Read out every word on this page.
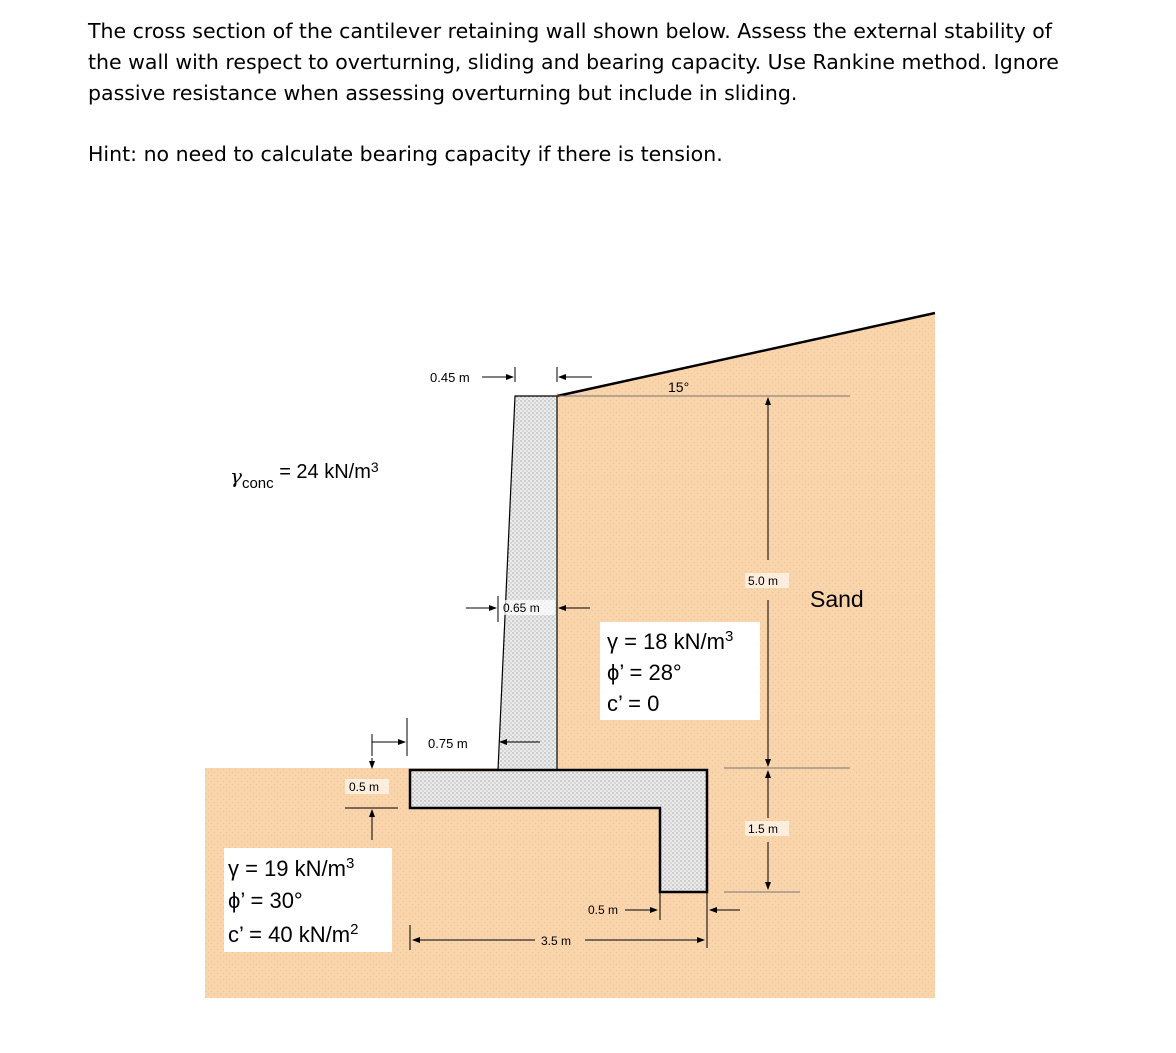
The cross section of the cantilever retaining wall shown below. Assess the external stability of

the wall with respect to overturning, sliding and bearing capacity. Use Rankine method. Ignore

passive resistance when assessing overturning but include in sliding.

Hint: no need to calculate bearing capacity if there is tension.

0.45 m
15°
$\gamma_{conc} = 24$ $kN/m^3$
0.65 m
0.75 m
0.5 m
5.0 m
1.5 m
0.5 m
3.5 m
Sand
γ = 18 $kN/m^3$
ϕ’ = 28°
c’ = 0
γ = 19 $kN/m^3$
ϕ’ = 30°
c’ = 40 $kN/m^2$
